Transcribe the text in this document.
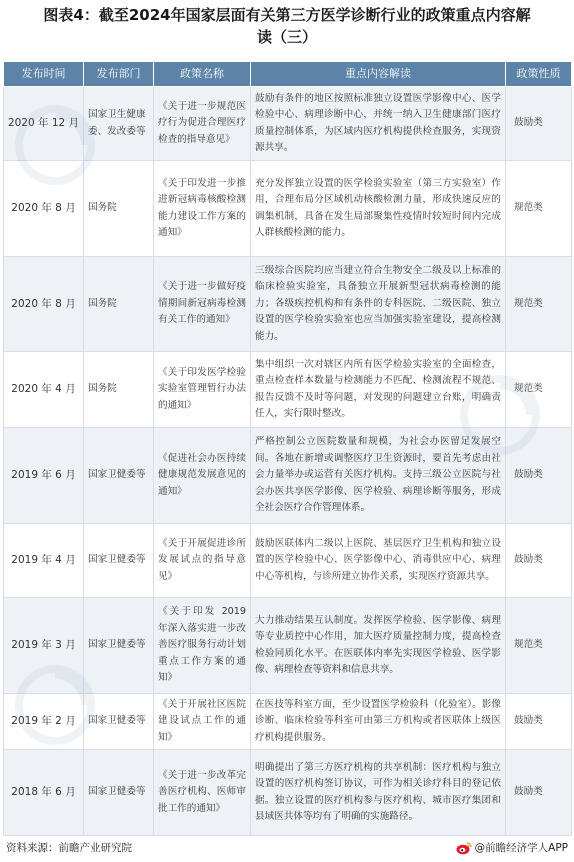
图表4：截至2024年国家层面有关第三方医学诊断行业的政策重点内容解
读（三）
发布时间	发布部门	政策名称	重点内容解读	政策性质
2020 年 12 月	国家卫生健康委、发改委等	《关于进一步规范医疗行为促进合理医疗检查的指导意见》	鼓励有条件的地区按照标准独立设置医学影像中心、医学检验中心、病理诊断中心，并统一纳入卫生健康部门医疗质量控制体系，为区域内医疗机构提供检查服务，实现资源共享。	鼓励类
2020 年 8 月	国务院	《关于印发进一步推进新冠病毒核酸检测能力建设工作方案的通知》	充分发挥独立设置的医学检验实验室（第三方实验室）作用，合理布局分区域机动核酸检测力量，形成快速反应的调集机制，具备在发生局部聚集性疫情时较短时间内完成人群核酸检测的能力。	规范类
2020 年 8 月	国务院	《关于进一步做好疫情期间新冠病毒检测有关工作的通知》	三级综合医院均应当建立符合生物安全二级及以上标准的临床检验实验室，具备独立开展新型冠状病毒检测的能力；各级疾控机构和有条件的专科医院、二级医院、独立设置的医学检验实验室也应当加强实验室建设，提高检测能力。	规范类
2020 年 4 月	国务院	《关于印发医学检验实验室管理暂行办法的通知》	集中组织一次对辖区内所有医学检验实验室的全面检查，重点检查样本数量与检测能力不匹配、检测流程不规范、报告反馈不及时等问题，对发现的问题建立台账，明确责任人，实行限时整改。	规范类
2019 年 6 月	国家卫健委等	《促进社会办医持续健康规范发展意见的通知》	严格控制公立医院数量和规模，为社会办医留足发展空间。各地在新增或调整医疗卫生资源时，要首先考虑由社会力量举办或运营有关医疗机构。支持三级公立医院与社会办医共享医学影像、医学检验、病理诊断等服务，形成全社会医疗合作管理体系。	鼓励类
2019 年 4 月	国家卫健委等	《关于开展促进诊所发展试点的指导意见》	鼓励医联体内二级以上医院、基层医疗卫生机构和独立设置的医学检验中心、医学影像中心、消毒供应中心、病理中心等机构，与诊所建立协作关系，实现医疗资源共享。	鼓励类
2019 年 3 月	国家卫健委等	《关于印发 2019 年深入落实进一步改善医疗服务行动计划重点工作方案的通知》	大力推动结果互认制度。发挥医学检验、医学影像、病理等专业质控中心作用，加大医疗质量控制力度，提高检查检验同质化水平。在医联体内率先实现医学检验、医学影像、病理检查等资料和信息共享。	规范类
2019 年 2 月	国家卫健委等	《关于开展社区医院建设试点工作的通知》	在医技等科室方面，至少设置医学检验科（化验室）。影像诊断、临床检验等科室可由第三方机构或者医联体上级医疗机构提供服务。	鼓励类
2018 年 6 月	国家卫健委等	《关于进一步改革完善医疗机构、医师审批工作的通知》	明确提出了第三方医疗机构的共享机制：医疗机构与独立设置的医疗机构签订协议，可作为相关诊疗科目的登记依据。独立设置的医疗机构参与医疗机构、城市医疗集团和县域医共体等均有了明确的实施路径。	鼓励类
资料来源：前瞻产业研究院	@前瞻经济学人APP
